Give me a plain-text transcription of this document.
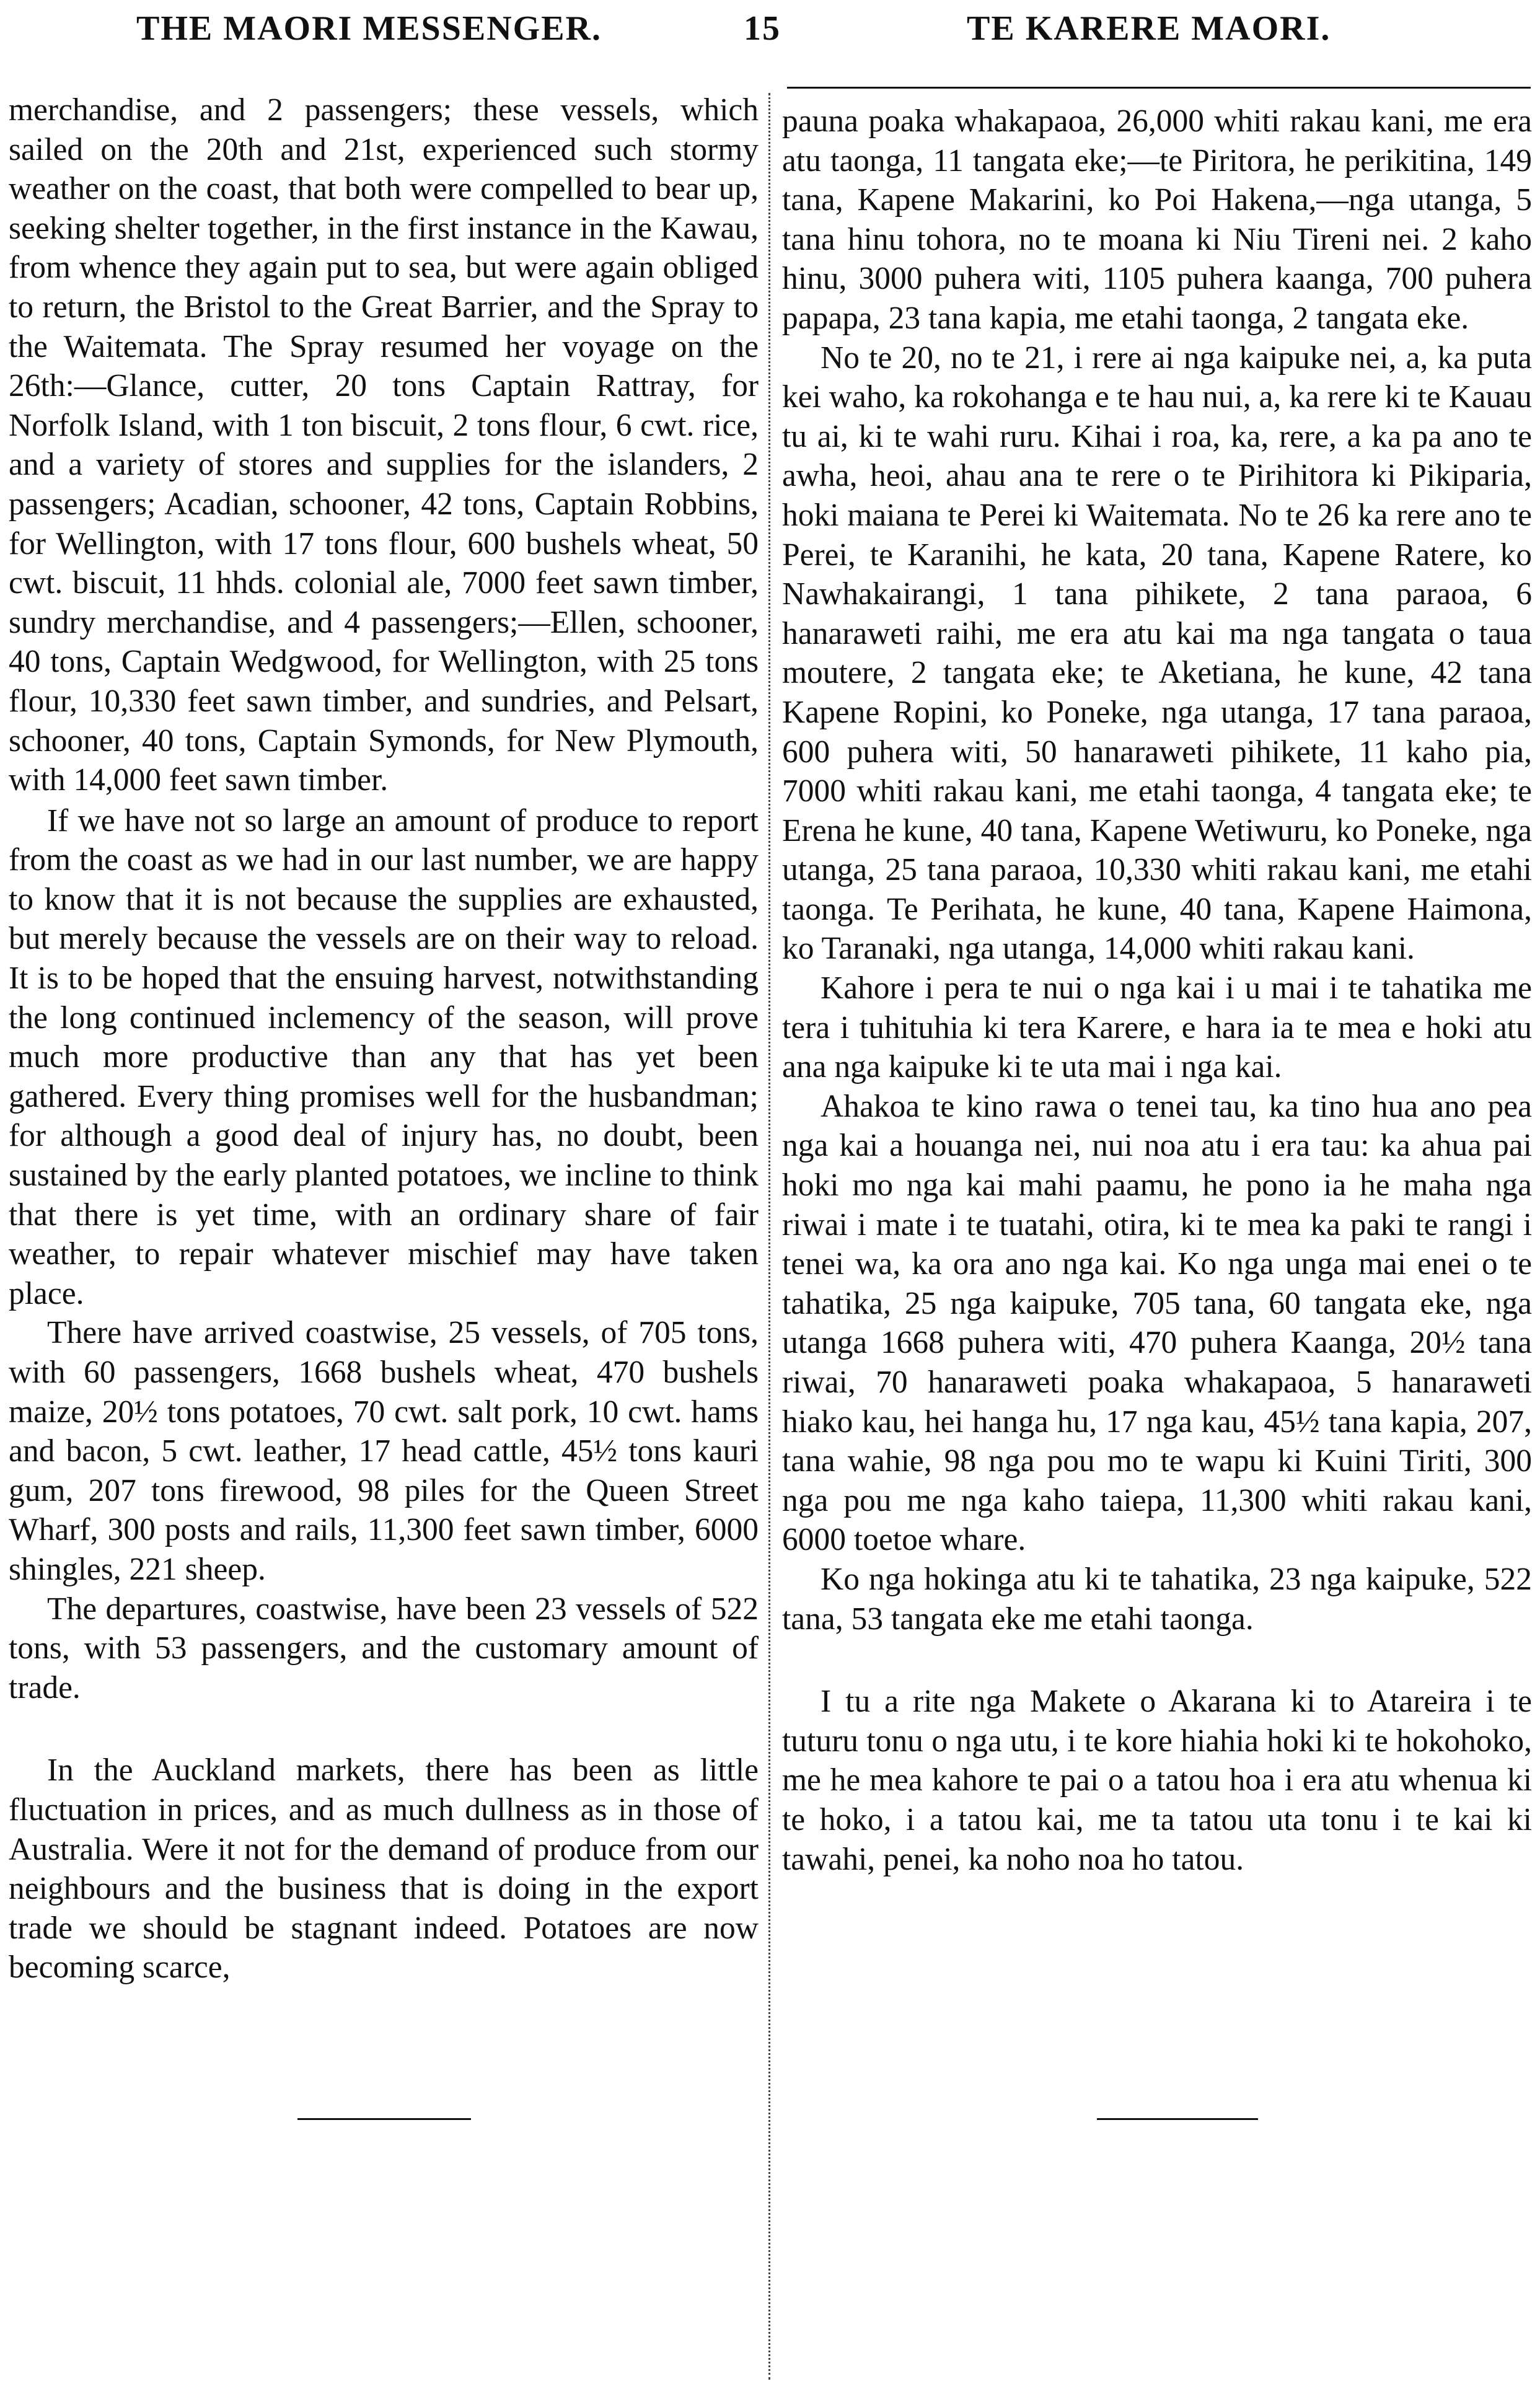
THE MAORI MESSENGER.	15	TE KARERE MAORI.

merchandise, and 2 passengers; these vessels, which sailed on the 20th and 21st, experienced such stormy weather on the coast, that both were compelled to bear up, seeking shelter together, in the first instance in the Kawau, from whence they again put to sea, but were again obliged to return, the Bristol to the Great Barrier, and the Spray to the Waitemata. The Spray resumed her voyage on the 26th:—Glance, cutter, 20 tons Captain Rattray, for Norfolk Island, with 1 ton biscuit, 2 tons flour, 6 cwt. rice, and a variety of stores and supplies for the islanders, 2 passengers; Acadian, schooner, 42 tons, Captain Robbins, for Wellington, with 17 tons flour, 600 bushels wheat, 50 cwt. biscuit, 11 hhds. colonial ale, 7000 feet sawn timber, sundry merchandise, and 4 passengers;—Ellen, schooner, 40 tons, Captain Wedgwood, for Wellington, with 25 tons flour, 10,330 feet sawn timber, and sundries, and Pelsart, schooner, 40 tons, Captain Symonds, for New Plymouth, with 14,000 feet sawn timber.

If we have not so large an amount of produce to report from the coast as we had in our last number, we are happy to know that it is not because the supplies are exhausted, but merely because the vessels are on their way to reload. It is to be hoped that the ensuing harvest, notwithstanding the long continued inclemency of the season, will prove much more productive than any that has yet been gathered. Every thing promises well for the husbandman; for although a good deal of injury has, no doubt, been sustained by the early planted potatoes, we incline to think that there is yet time, with an ordinary share of fair weather, to repair whatever mischief may have taken place.

There have arrived coastwise, 25 vessels, of 705 tons, with 60 passengers, 1668 bushels wheat, 470 bushels maize, 20½ tons potatoes, 70 cwt. salt pork, 10 cwt. hams and bacon, 5 cwt. leather, 17 head cattle, 45½ tons kauri gum, 207 tons firewood, 98 piles for the Queen Street Wharf, 300 posts and rails, 11,300 feet sawn timber, 6000 shingles, 221 sheep.

The departures, coastwise, have been 23 vessels of 522 tons, with 53 passengers, and the customary amount of trade.

In the Auckland markets, there has been as little fluctuation in prices, and as much dullness as in those of Australia. Were it not for the demand of produce from our neighbours and the business that is doing in the export trade we should be stagnant indeed. Potatoes are now becoming scarce,

pauna poaka whakapaoa, 26,000 whiti rakau kani, me era atu taonga, 11 tangata eke;—te Piritora, he perikitina, 149 tana, Kapene Makarini, ko Poi Hakena,—nga utanga, 5 tana hinu tohora, no te moana ki Niu Tireni nei. 2 kaho hinu, 3000 puhera witi, 1105 puhera kaanga, 700 puhera papapa, 23 tana kapia, me etahi taonga, 2 tangata eke.

No te 20, no te 21, i rere ai nga kaipuke nei, a, ka puta kei waho, ka rokohanga e te hau nui, a, ka rere ki te Kauau tu ai, ki te wahi ruru. Kihai i roa, ka, rere, a ka pa ano te awha, heoi, ahau ana te rere o te Pirihitora ki Pikiparia, hoki maiana te Perei ki Waitemata. No te 26 ka rere ano te Perei, te Karanihi, he kata, 20 tana, Kapene Ratere, ko Nawhakairangi, 1 tana pihikete, 2 tana paraoa, 6 hanaraweti raihi, me era atu kai ma nga tangata o taua moutere, 2 tangata eke; te Aketiana, he kune, 42 tana Kapene Ropini, ko Poneke, nga utanga, 17 tana paraoa, 600 puhera witi, 50 hanaraweti pihikete, 11 kaho pia, 7000 whiti rakau kani, me etahi taonga, 4 tangata eke; te Erena he kune, 40 tana, Kapene Wetiwuru, ko Poneke, nga utanga, 25 tana paraoa, 10,330 whiti rakau kani, me etahi taonga. Te Perihata, he kune, 40 tana, Kapene Haimona, ko Taranaki, nga utanga, 14,000 whiti rakau kani.

Kahore i pera te nui o nga kai i u mai i te tahatika me tera i tuhituhia ki tera Karere, e hara ia te mea e hoki atu ana nga kaipuke ki te uta mai i nga kai.

Ahakoa te kino rawa o tenei tau, ka tino hua ano pea nga kai a houanga nei, nui noa atu i era tau: ka ahua pai hoki mo nga kai mahi paamu, he pono ia he maha nga riwai i mate i te tuatahi, otira, ki te mea ka paki te rangi i tenei wa, ka ora ano nga kai. Ko nga unga mai enei o te tahatika, 25 nga kaipuke, 705 tana, 60 tangata eke, nga utanga 1668 puhera witi, 470 puhera Kaanga, 20½ tana riwai, 70 hanaraweti poaka whakapaoa, 5 hanaraweti hiako kau, hei hanga hu, 17 nga kau, 45½ tana kapia, 207, tana wahie, 98 nga pou mo te wapu ki Kuini Tiriti, 300 nga pou me nga kaho taiepa, 11,300 whiti rakau kani, 6000 toetoe whare.

Ko nga hokinga atu ki te tahatika, 23 nga kaipuke, 522 tana, 53 tangata eke me etahi taonga.

I tu a rite nga Makete o Akarana ki to Atareira i te tuturu tonu o nga utu, i te kore hiahia hoki ki te hokohoko, me he mea kahore te pai o a tatou hoa i era atu whenua ki te hoko, i a tatou kai, me ta tatou uta tonu i te kai ki tawahi, penei, ka noho noa ho tatou.
